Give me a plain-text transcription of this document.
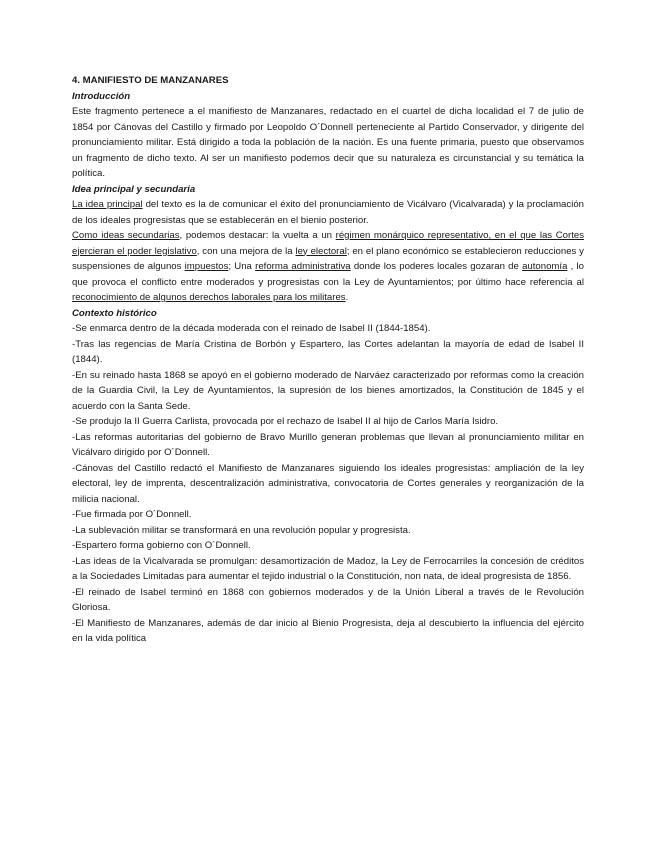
4. MANIFIESTO DE MANZANARES

Introducción

Este fragmento pertenece a el manifiesto de Manzanares, redactado en el cuartel de dicha localidad el 7 de julio de 1854 por Cánovas del Castillo y firmado por Leopoldo O´Donnell perteneciente al Partido Conservador, y dirigente del pronunciamiento militar. Está dirigido a toda la población de la nación. Es una fuente primaria, puesto que observamos un fragmento de dicho texto. Al ser un manifiesto podemos decir que su naturaleza es circunstancial y su temática la política.

Idea principal y secundaria

La idea principal del texto es la de comunicar el éxito del pronunciamiento de Vicálvaro (Vicalvarada) y la proclamación de los ideales progresistas que se establecerán en el bienio posterior.

Como ideas secundarias, podemos destacar: la vuelta a un régimen monárquico representativo, en el que las Cortes ejercieran el poder legislativo, con una mejora de la ley electoral; en el plano económico se establecieron reducciones y suspensiones de algunos impuestos; Una reforma administrativa donde los poderes locales gozaran de autonomía , lo que provoca el conflicto entre moderados y progresistas con la Ley de Ayuntamientos; por último hace referencia al reconocimiento de algunos derechos laborales para los militares.

Contexto histórico

-Se enmarca dentro de la década moderada con el reinado de Isabel II (1844-1854).

-Tras las regencias de María Cristina de Borbón y Espartero, las Cortes adelantan la mayoría de edad de Isabel II (1844).

-En su reinado hasta 1868 se apoyó en el gobierno moderado de Narváez caracterizado por reformas como la creación de la Guardia Civil, la Ley de Ayuntamientos, la supresión de los bienes amortizados, la Constitución de 1845 y el acuerdo con la Santa Sede.

-Se produjo la II Guerra Carlista, provocada por el rechazo de Isabel II al hijo de Carlos María Isidro.

-Las reformas autoritarias del gobierno de Bravo Murillo generan problemas que llevan al pronunciamiento militar en Vicálvaro dirigido por O´Donnell.

-Cánovas del Castillo redactó el Manifiesto de Manzanares siguiendo los ideales progresistas: ampliación de la ley electoral, ley de imprenta, descentralización administrativa, convocatoria de Cortes generales y reorganización de la milicia nacional.

-Fue firmada por O´Donnell.

-La sublevación militar se transformará en una revolución popular y progresista.

-Espartero forma gobierno con O´Donnell.

-Las ideas de la Vicalvarada se promulgan: desamortización de Madoz, la Ley de Ferrocarriles la concesión de créditos a la Sociedades Limitadas para aumentar el tejido industrial o la Constitución, non nata, de ideal progresista de 1856.

-El reinado de Isabel terminó en 1868 con gobiernos moderados y de la Unión Liberal a través de le Revolución Gloriosa.

-El Manifiesto de Manzanares, además de dar inicio al Bienio Progresista, deja al descubierto la influencia del ejército en la vida política
